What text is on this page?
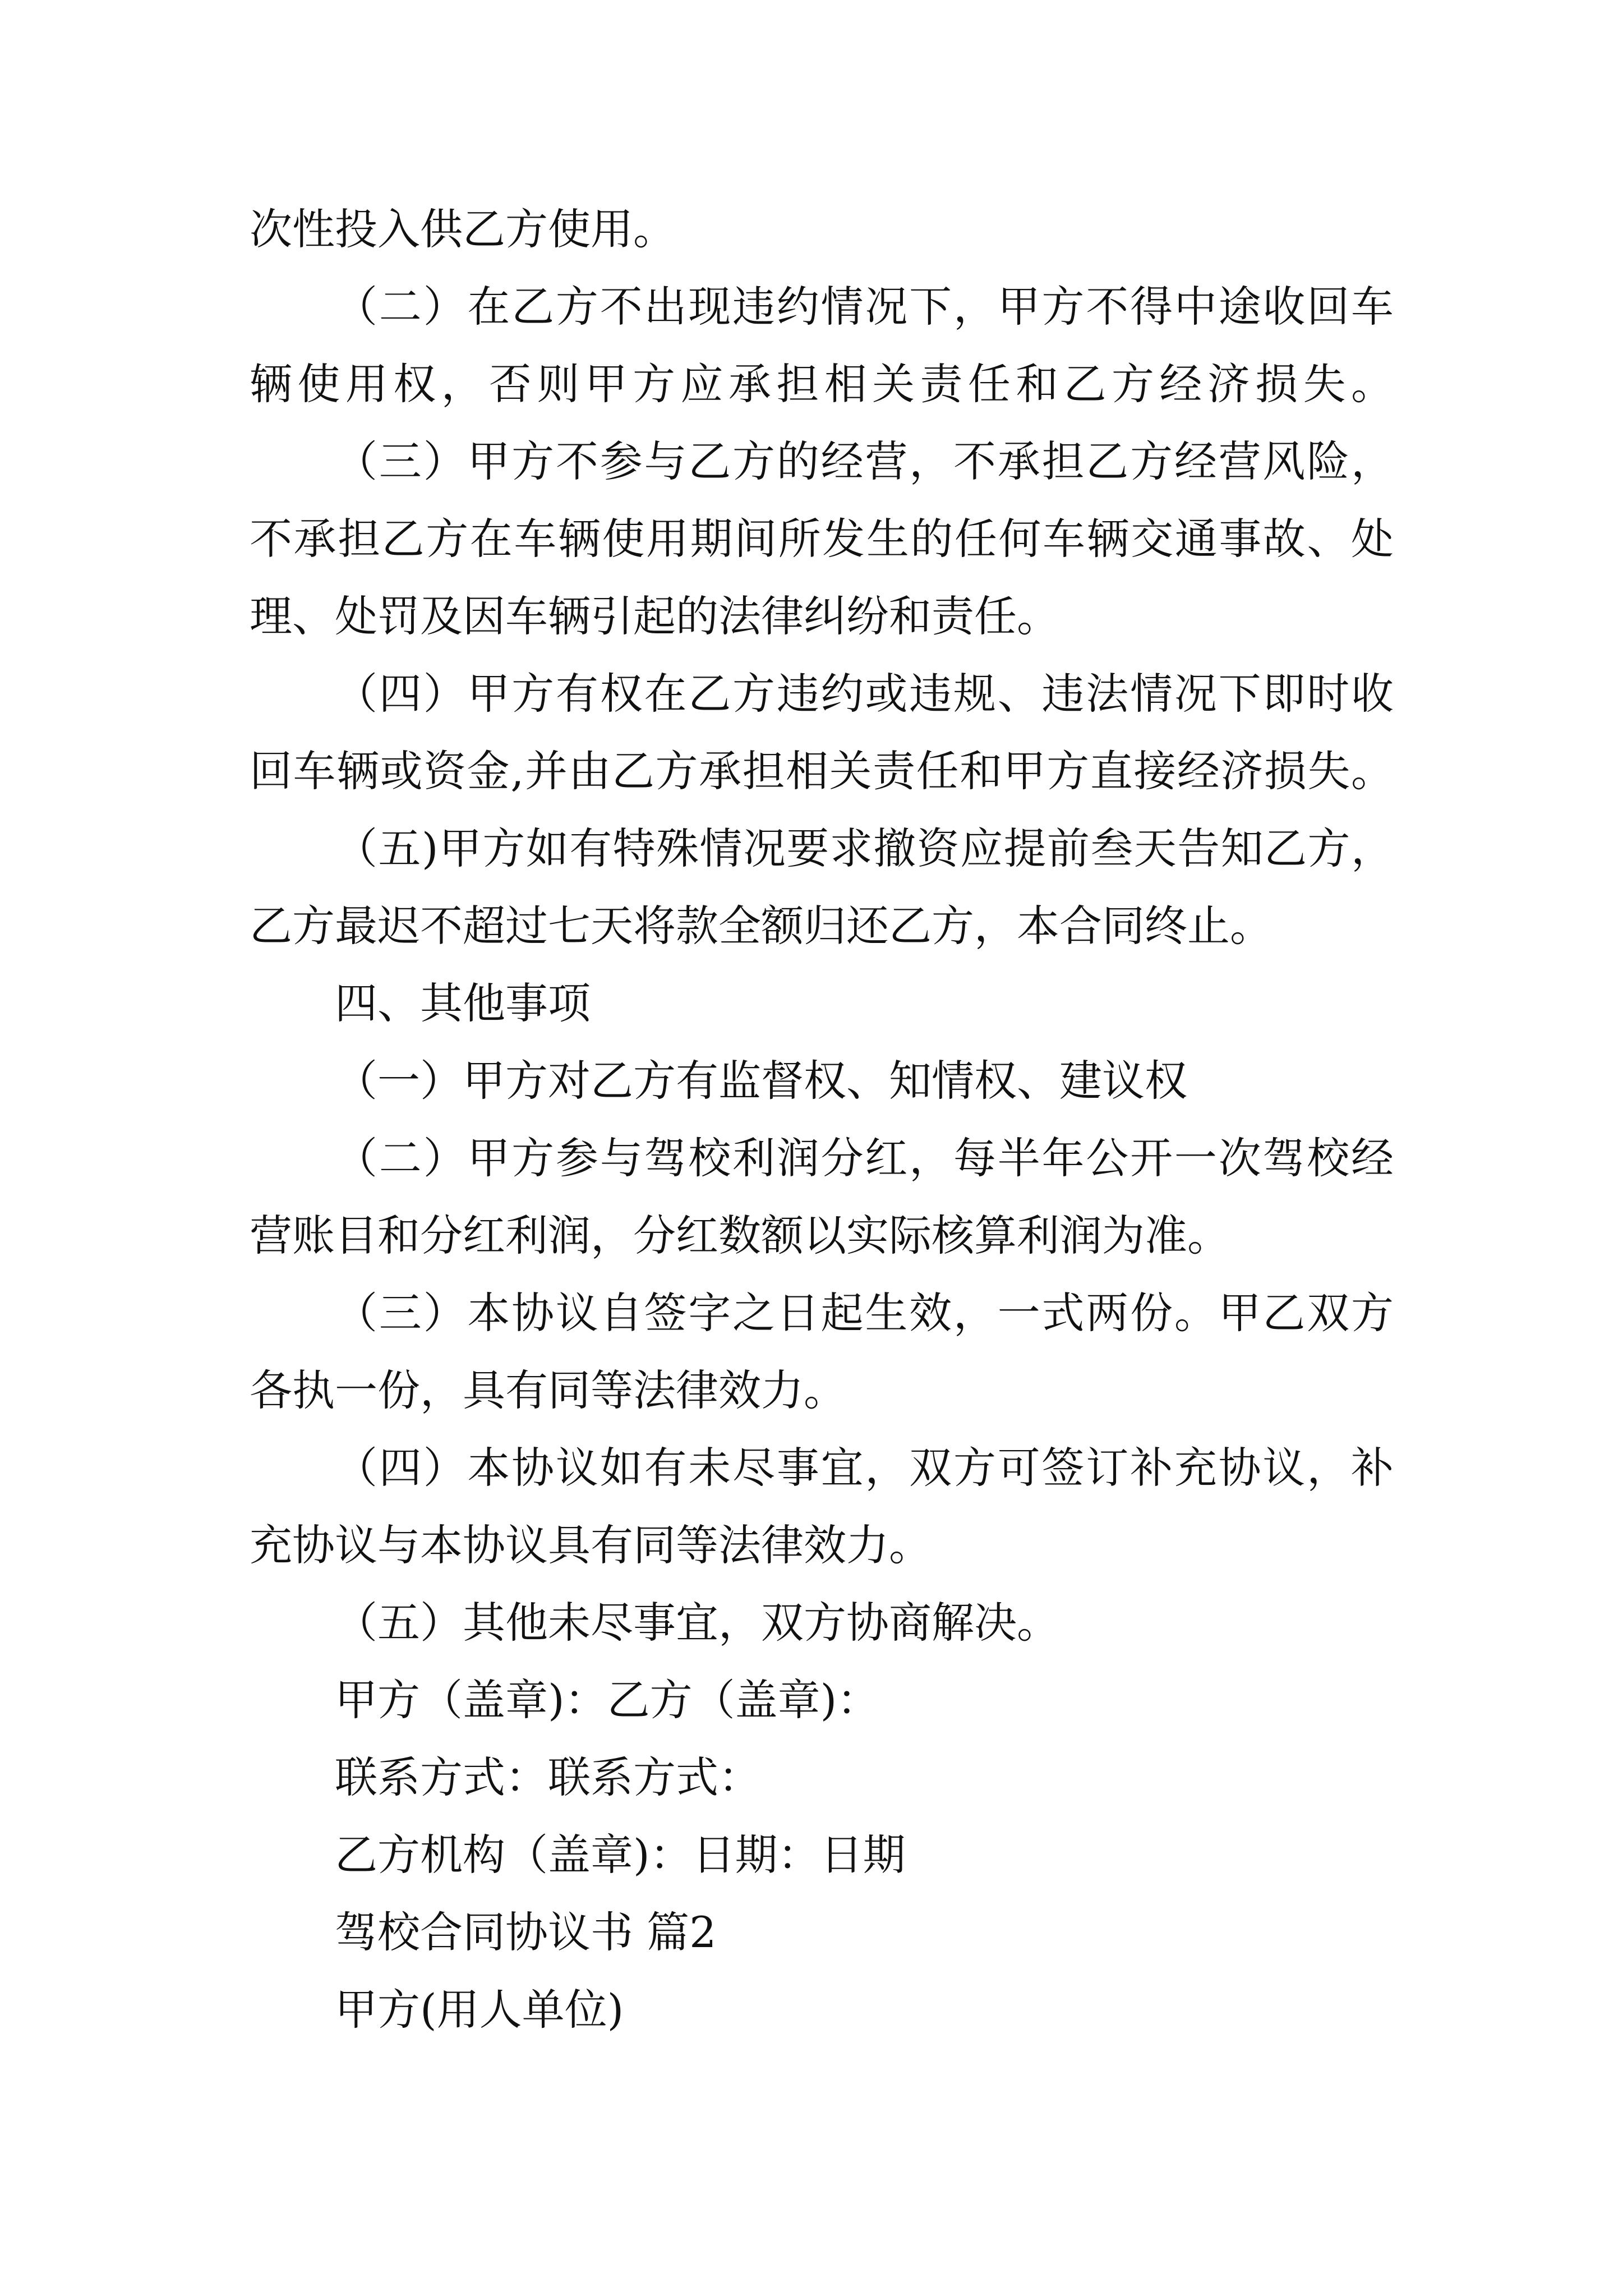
次性投入供乙方使用。
（二）在乙方不出现违约情况下，甲方不得中途收回车
辆使用权，否则甲方应承担相关责任和乙方经济损失。
（三）甲方不参与乙方的经营，不承担乙方经营风险，
不承担乙方在车辆使用期间所发生的任何车辆交通事故、处
理、处罚及因车辆引起的法律纠纷和责任。
（四）甲方有权在乙方违约或违规、违法情况下即时收
回车辆或资金,并由乙方承担相关责任和甲方直接经济损失。
（五)甲方如有特殊情况要求撤资应提前叁天告知乙方，
乙方最迟不超过七天将款全额归还乙方，本合同终止。
四、其他事项
（一）甲方对乙方有监督权、知情权、建议权
（二）甲方参与驾校利润分红，每半年公开一次驾校经
营账目和分红利润，分红数额以实际核算利润为准。
（三）本协议自签字之日起生效，一式两份。甲乙双方
各执一份，具有同等法律效力。
（四）本协议如有未尽事宜，双方可签订补充协议，补
充协议与本协议具有同等法律效力。
（五）其他未尽事宜，双方协商解决。
甲方（盖章)：乙方（盖章)：
联系方式：联系方式：
乙方机构（盖章)：日期：日期
驾校合同协议书 篇2
甲方(用人单位)
